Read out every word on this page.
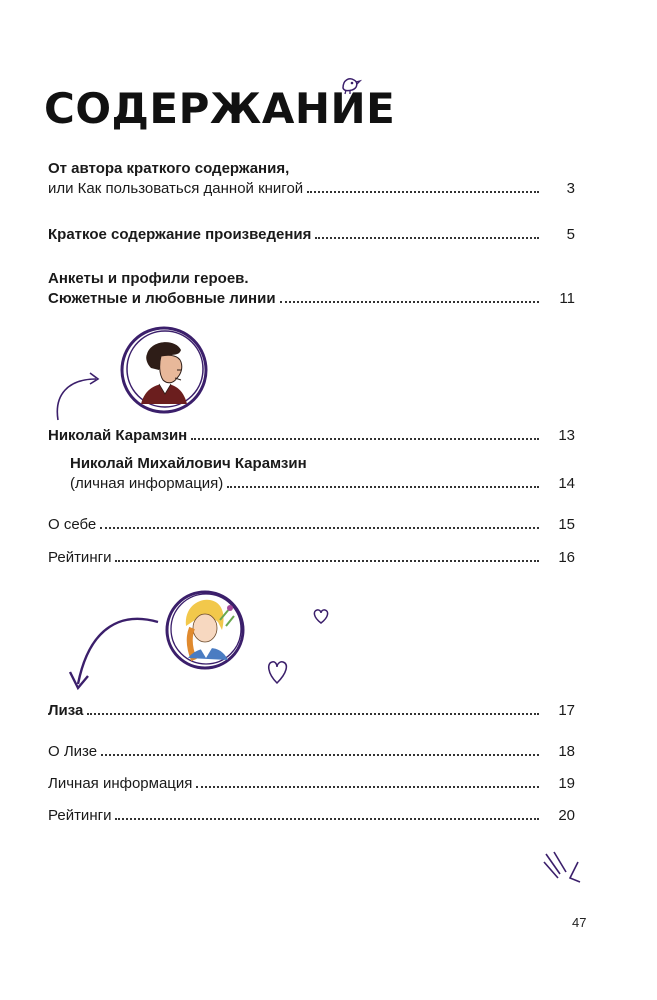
СОДЕРЖАНИЕ
От автора краткого содержания,
или Как пользоваться данной книгой	3
Краткое содержание произведения	5
Анкеты и профили героев.
Сюжетные и любовные линии	11
Николай Карамзин	13
Николай Михайлович Карамзин
(личная информация)	14
О себе	15
Рейтинги	16
Лиза	17
О Лизе	18
Личная информация	19
Рейтинги	20
47
